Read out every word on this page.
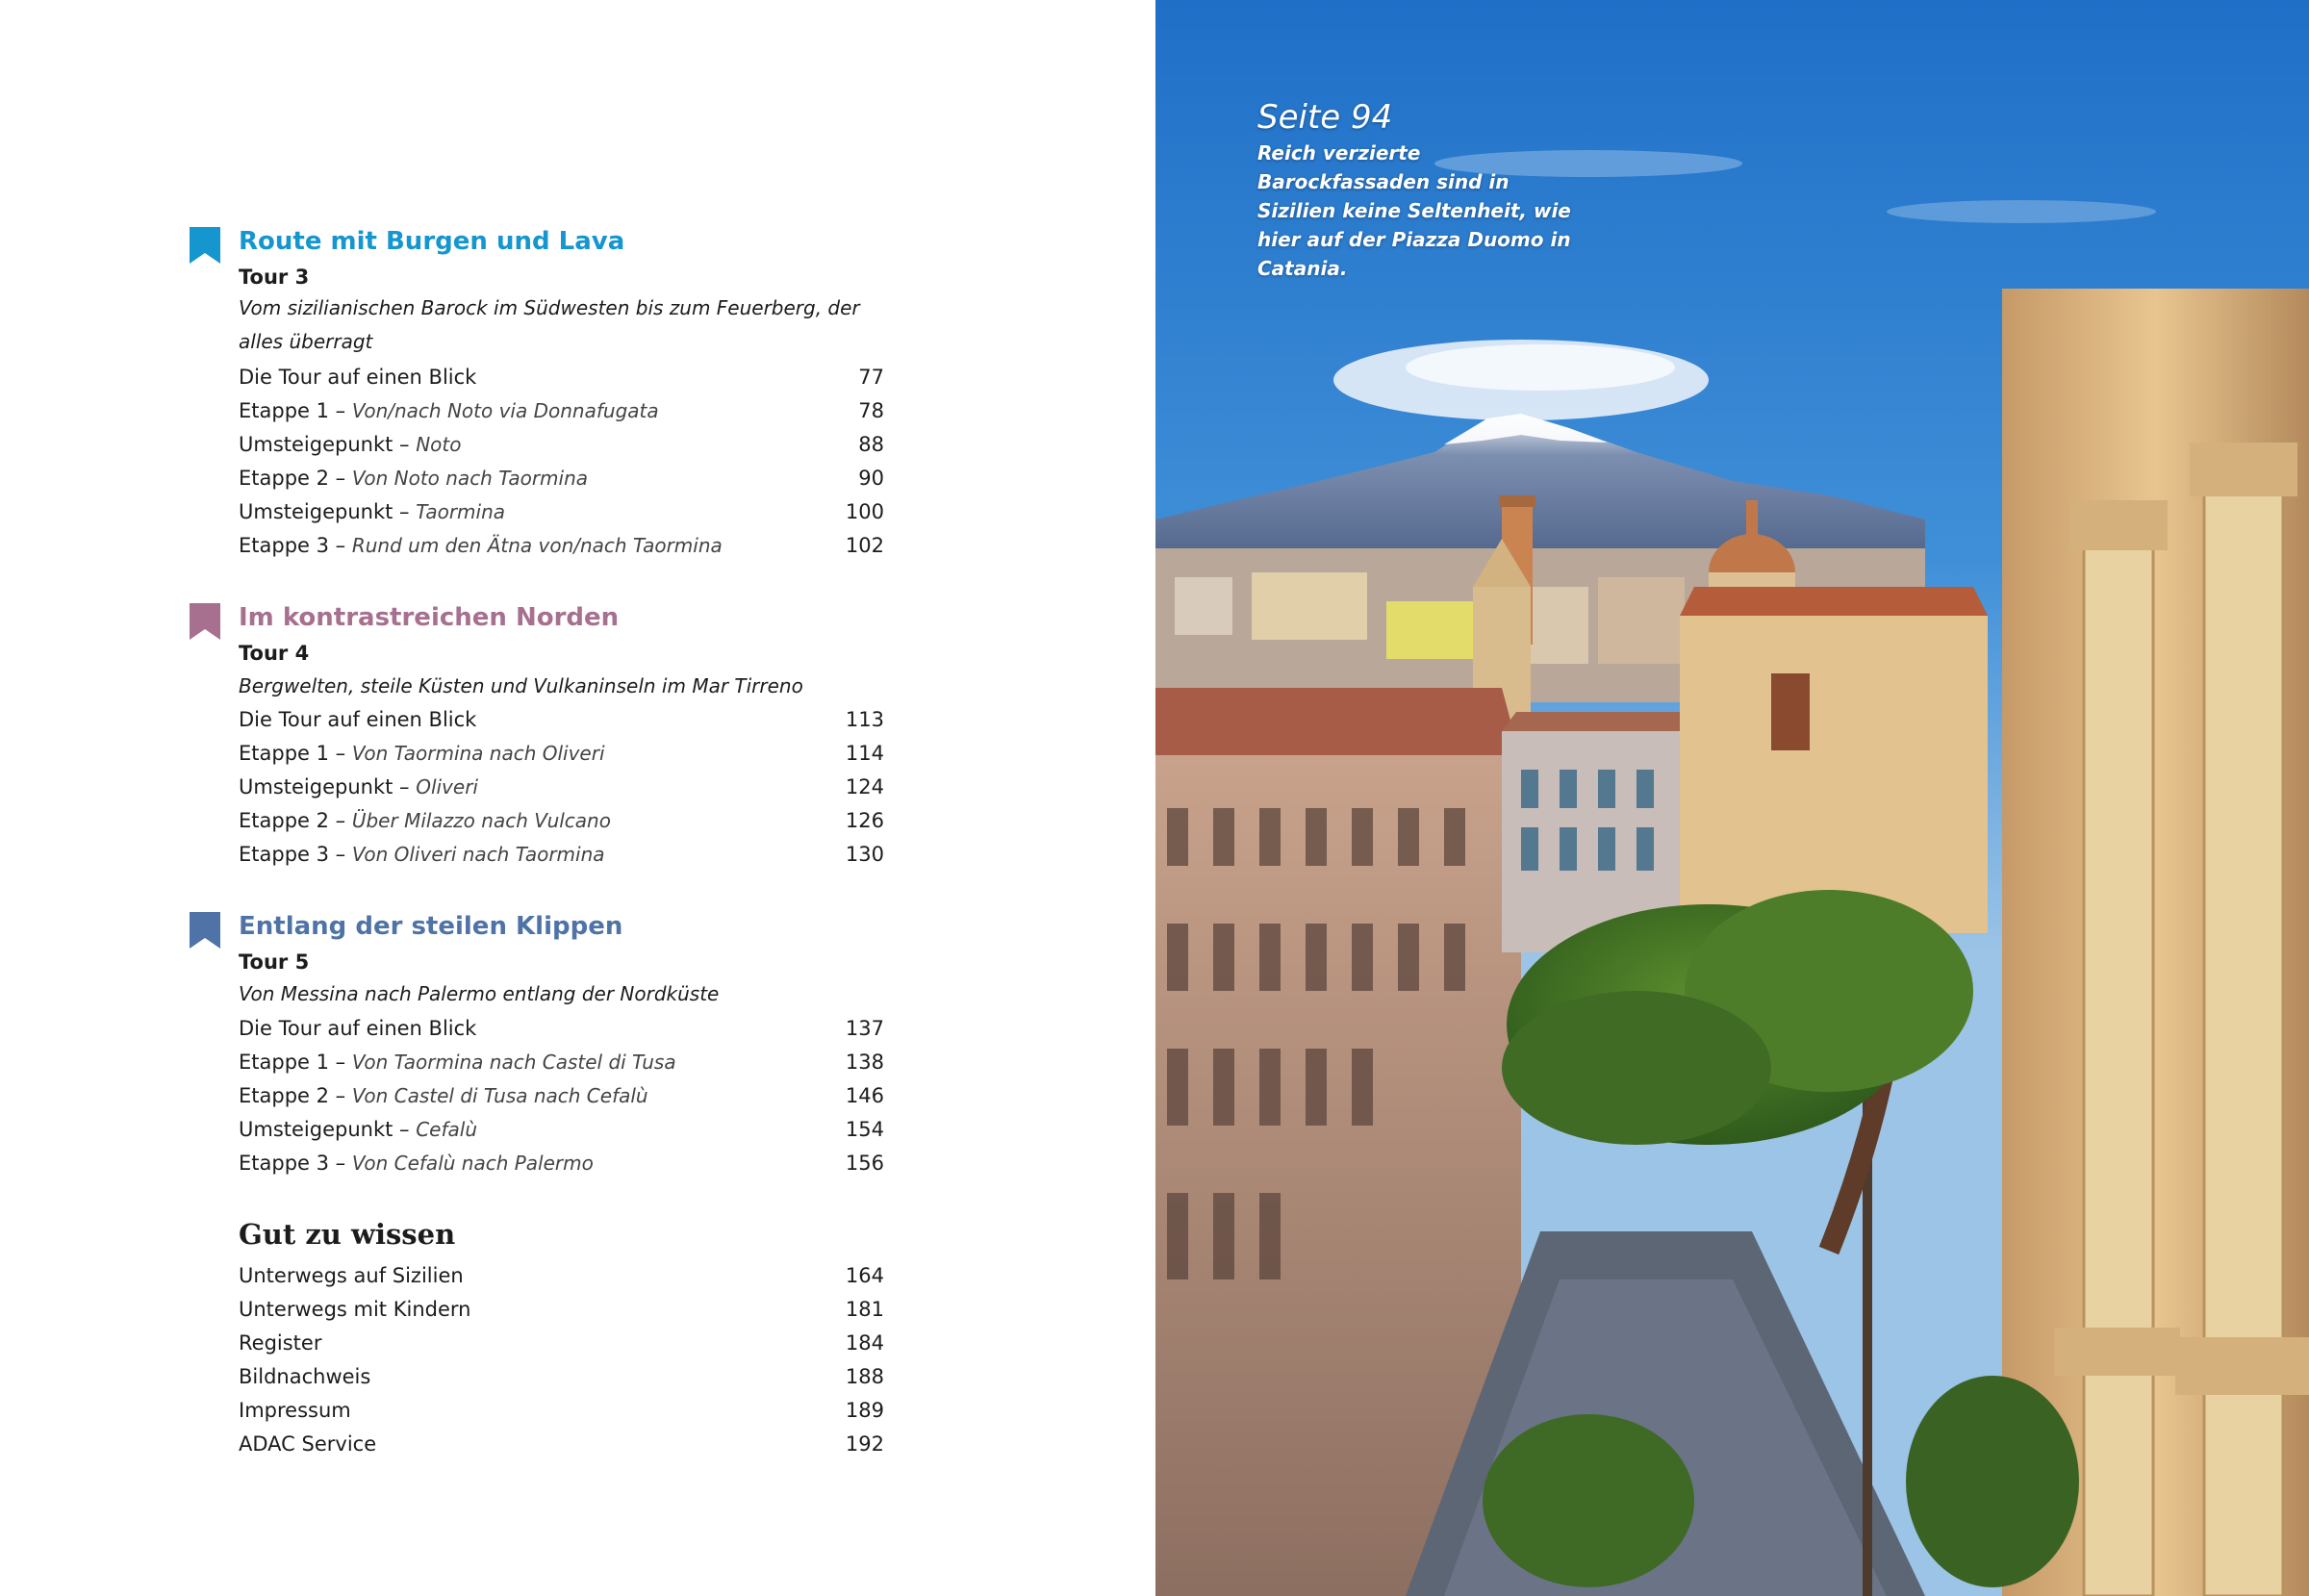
Route mit Burgen und Lava
Tour 3
Vom sizilianischen Barock im Südwesten bis zum Feuerberg, der alles überragt
Die Tour auf einen Blick	77
Etappe 1 – Von/nach Noto via Donnafugata	78
Umsteigepunkt – Noto	88
Etappe 2 – Von Noto nach Taormina	90
Umsteigepunkt – Taormina	100
Etappe 3 – Rund um den Ätna von/nach Taormina	102
Im kontrastreichen Norden
Tour 4
Bergwelten, steile Küsten und Vulkaninseln im Mar Tirreno
Die Tour auf einen Blick	113
Etappe 1 – Von Taormina nach Oliveri	114
Umsteigepunkt – Oliveri	124
Etappe 2 – Über Milazzo nach Vulcano	126
Etappe 3 – Von Oliveri nach Taormina	130
Entlang der steilen Klippen
Tour 5
Von Messina nach Palermo entlang der Nordküste
Die Tour auf einen Blick	137
Etappe 1 – Von Taormina nach Castel di Tusa	138
Etappe 2 – Von Castel di Tusa nach Cefalù	146
Umsteigepunkt – Cefalù	154
Etappe 3 – Von Cefalù nach Palermo	156
Gut zu wissen
Unterwegs auf Sizilien	164
Unterwegs mit Kindern	181
Register	184
Bildnachweis	188
Impressum	189
ADAC Service	192
Seite 94
Reich verzierte Barockfassaden sind in Sizilien keine Seltenheit, wie hier auf der Piazza Duomo in Catania.
